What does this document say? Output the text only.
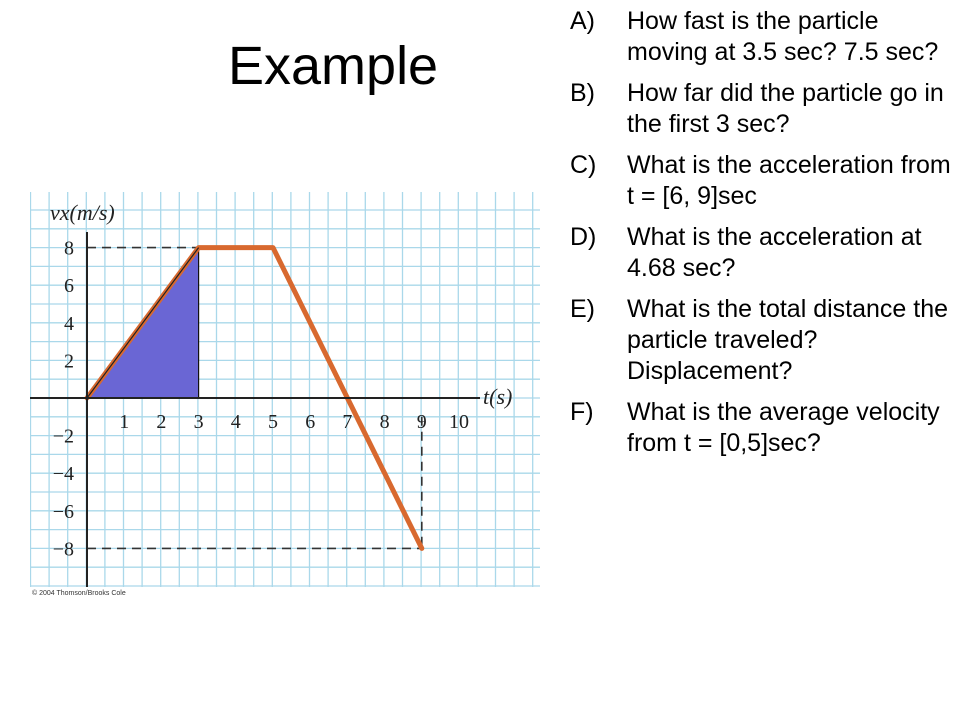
Example
1 2 3 4 5 6 7 8 9 10
8
6
4
2
−2
−4
−6
−8
vx(m/s)
t(s)
© 2004 Thomson/Brooks Cole
A)	How fast is the particle moving at 3.5 sec? 7.5 sec?
B)	How far did the particle go in the first 3 sec?
C)	What is the acceleration from t = [6, 9]sec
D)	What is the acceleration at 4.68 sec?
E)	What is the total distance the particle traveled? Displacement?
F)	What is the average velocity from t = [0,5]sec?
